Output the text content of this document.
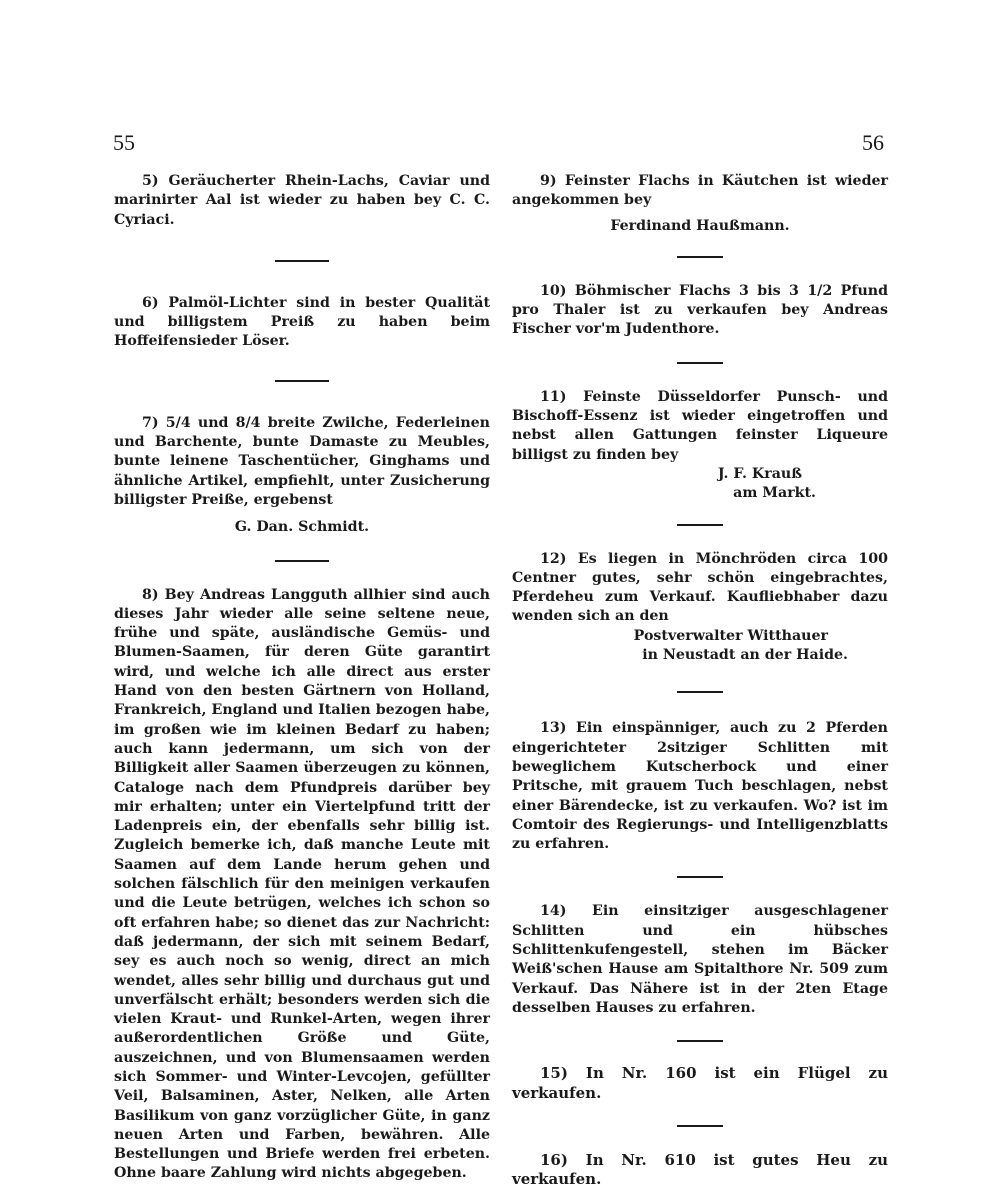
55	56

5) Geräucherter Rhein-Lachs, Caviar und marinirter Aal ist wieder zu haben bey C. C. Cyriaci.

6) Palmöl-Lichter sind in bester Qualität und billigstem Preiß zu haben beim Hoffeifensieder Löser.

7) 5/4 und 8/4 breite Zwilche, Federleinen und Barchente, bunte Damaste zu Meubles, bunte leinene Taschentücher, Ginghams und ähnliche Artikel, empfiehlt, unter Zusicherung billigster Preiße, ergebenst

G. Dan. Schmidt.

8) Bey Andreas Langguth allhier sind auch dieses Jahr wieder alle seine seltene neue, frühe und späte, ausländische Gemüs- und Blumen-Saamen, für deren Güte garantirt wird, und welche ich alle direct aus erster Hand von den besten Gärtnern von Holland, Frankreich, England und Italien bezogen habe, im großen wie im kleinen Bedarf zu haben; auch kann jedermann, um sich von der Billigkeit aller Saamen überzeugen zu können, Cataloge nach dem Pfundpreis darüber bey mir erhalten; unter ein Viertelpfund tritt der Ladenpreis ein, der ebenfalls sehr billig ist. Zugleich bemerke ich, daß manche Leute mit Saamen auf dem Lande herum gehen und solchen fälschlich für den meinigen verkaufen und die Leute betrügen, welches ich schon so oft erfahren habe; so dienet das zur Nachricht: daß jedermann, der sich mit seinem Bedarf, sey es auch noch so wenig, direct an mich wendet, alles sehr billig und durchaus gut und unverfälscht erhält; besonders werden sich die vielen Kraut- und Runkel-Arten, wegen ihrer außerordentlichen Größe und Güte, auszeichnen, und von Blumensaamen werden sich Sommer- und Winter-Levcojen, gefüllter Veil, Balsaminen, Aster, Nelken, alle Arten Basilikum von ganz vorzüglicher Güte, in ganz neuen Arten und Farben, bewähren. Alle Bestellungen und Briefe werden frei erbeten. Ohne baare Zahlung wird nichts abgegeben.

9) Feinster Flachs in Käutchen ist wieder angekommen bey

Ferdinand Haußmann.

10) Böhmischer Flachs 3 bis 3 1/2 Pfund pro Thaler ist zu verkaufen bey Andreas Fischer vor'm Judenthore.

11) Feinste Düsseldorfer Punsch- und Bischoff-Essenz ist wieder eingetroffen und nebst allen Gattungen feinster Liqueure billigst zu finden bey

J. F. Krauß

am Markt.

12) Es liegen in Mönchröden circa 100 Centner gutes, sehr schön eingebrachtes, Pferdeheu zum Verkauf. Kaufliebhaber dazu wenden sich an den

Postverwalter Witthauer

in Neustadt an der Haide.

13) Ein einspänniger, auch zu 2 Pferden eingerichteter 2sitziger Schlitten mit beweglichem Kutscherbock und einer Pritsche, mit grauem Tuch beschlagen, nebst einer Bärendecke, ist zu verkaufen. Wo? ist im Comtoir des Regierungs- und Intelligenzblatts zu erfahren.

14) Ein einsitziger ausgeschlagener Schlitten und ein hübsches Schlittenkufengestell, stehen im Bäcker Weiß'schen Hause am Spitalthore Nr. 509 zum Verkauf. Das Nähere ist in der 2ten Etage desselben Hauses zu erfahren.

15) In Nr. 160 ist ein Flügel zu verkaufen.

16) In Nr. 610 ist gutes Heu zu verkaufen.
